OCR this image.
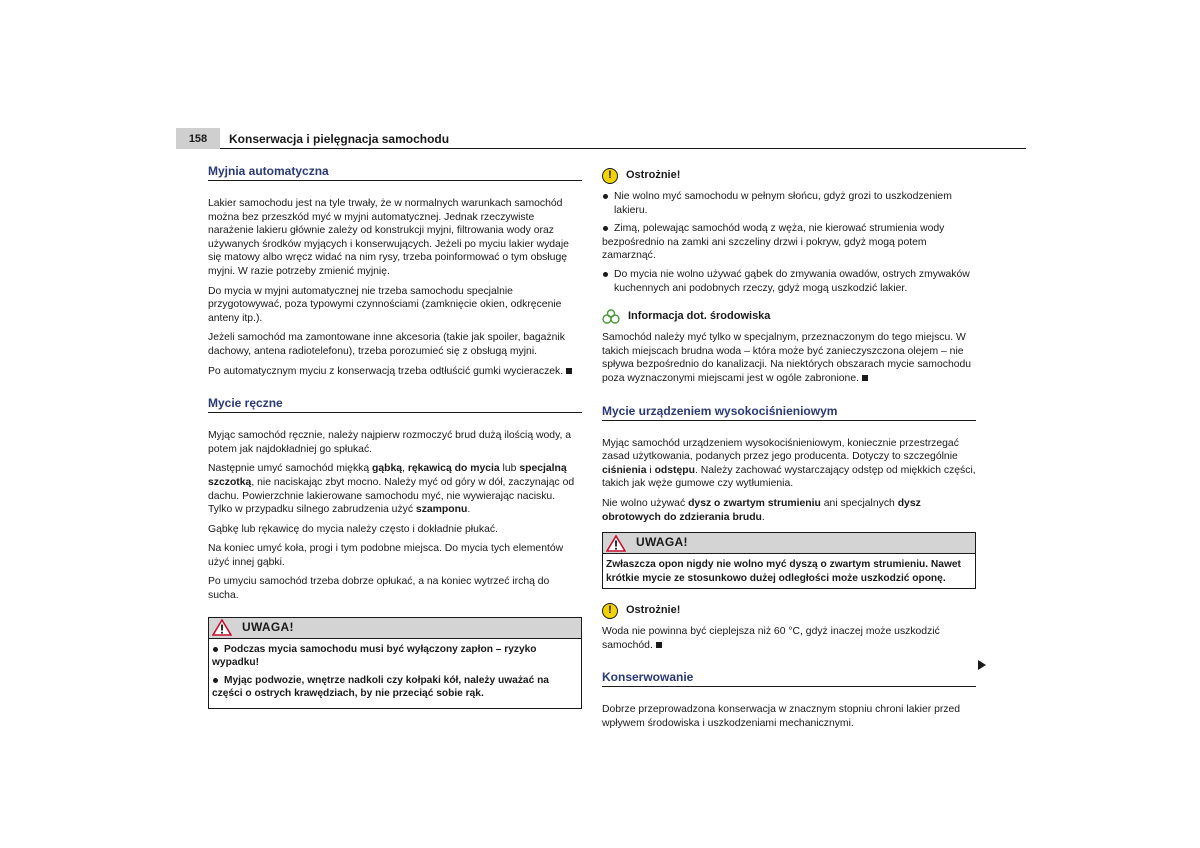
158	Konserwacja i pielęgnacja samochodu
Myjnia automatyczna

Lakier samochodu jest na tyle trwały, że w normalnych warunkach samochód można bez przeszkód myć w myjni automatycznej. Jednak rzeczywiste narażenie lakieru głównie zależy od konstrukcji myjni, filtrowania wody oraz używanych środków myjących i konserwujących. Jeżeli po myciu lakier wydaje się matowy albo wręcz widać na nim rysy, trzeba poinformować o tym obsługę myjni. W razie potrzeby zmienić myjnię.

Do mycia w myjni automatycznej nie trzeba samochodu specjalnie przygotowywać, poza typowymi czynnościami (zamknięcie okien, odkręcenie anteny itp.).

Jeżeli samochód ma zamontowane inne akcesoria (takie jak spoiler, bagażnik dachowy, antena radiotelefonu), trzeba porozumieć się z obsługą myjni.

Po automatycznym myciu z konserwacją trzeba odtłuścić gumki wycieraczek.

Mycie ręczne

Myjąc samochód ręcznie, należy najpierw rozmoczyć brud dużą ilością wody, a potem jak najdokładniej go spłukać.

Następnie umyć samochód miękką gąbką, rękawicą do mycia lub specjalną szczotką, nie naciskając zbyt mocno. Należy myć od góry w dół, zaczynając od dachu. Powierzchnie lakierowane samochodu myć, nie wywierając nacisku. Tylko w przypadku silnego zabrudzenia użyć szamponu.

Gąbkę lub rękawicę do mycia należy często i dokładnie płukać.

Na koniec umyć koła, progi i tym podobne miejsca. Do mycia tych elementów użyć innej gąbki.

Po umyciu samochód trzeba dobrze opłukać, a na koniec wytrzeć irchą do sucha.

UWAGA!
Podczas mycia samochodu musi być wyłączony zapłon – ryzyko wypadku!
Myjąc podwozie, wnętrze nadkoli czy kołpaki kół, należy uważać na części o ostrych krawędziach, by nie przeciąć sobie rąk.
!	Ostrożnie!
Nie wolno myć samochodu w pełnym słońcu, gdyż grozi to uszkodzeniem lakieru.
Zimą, polewając samochód wodą z węża, nie kierować strumienia wody bezpośrednio na zamki ani szczeliny drzwi i pokryw, gdyż mogą potem zamarznąć.
Do mycia nie wolno używać gąbek do zmywania owadów, ostrych zmywaków kuchennych ani podobnych rzeczy, gdyż mogą uszkodzić lakier.
Informacja dot. środowiska

Samochód należy myć tylko w specjalnym, przeznaczonym do tego miejscu. W takich miejscach brudna woda – która może być zanieczyszczona olejem – nie spływa bezpośrednio do kanalizacji. Na niektórych obszarach mycie samochodu poza wyznaczonymi miejscami jest w ogóle zabronione.

Mycie urządzeniem wysokociśnieniowym

Myjąc samochód urządzeniem wysokociśnieniowym, koniecznie przestrzegać zasad użytkowania, podanych przez jego producenta. Dotyczy to szczególnie ciśnienia i odstępu. Należy zachować wystarczający odstęp od miękkich części, takich jak węże gumowe czy wytłumienia.

Nie wolno używać dysz o zwartym strumieniu ani specjalnych dysz obrotowych do zdzierania brudu.

UWAGA!
Zwłaszcza opon nigdy nie wolno myć dyszą o zwartym strumieniu. Nawet krótkie mycie ze stosunkowo dużej odległości może uszkodzić oponę.
!	Ostrożnie!

Woda nie powinna być cieplejsza niż 60 °C, gdyż inaczej może uszkodzić samochód.

Konserwowanie

Dobrze przeprowadzona konserwacja w znacznym stopniu chroni lakier przed wpływem środowiska i uszkodzeniami mechanicznymi.
